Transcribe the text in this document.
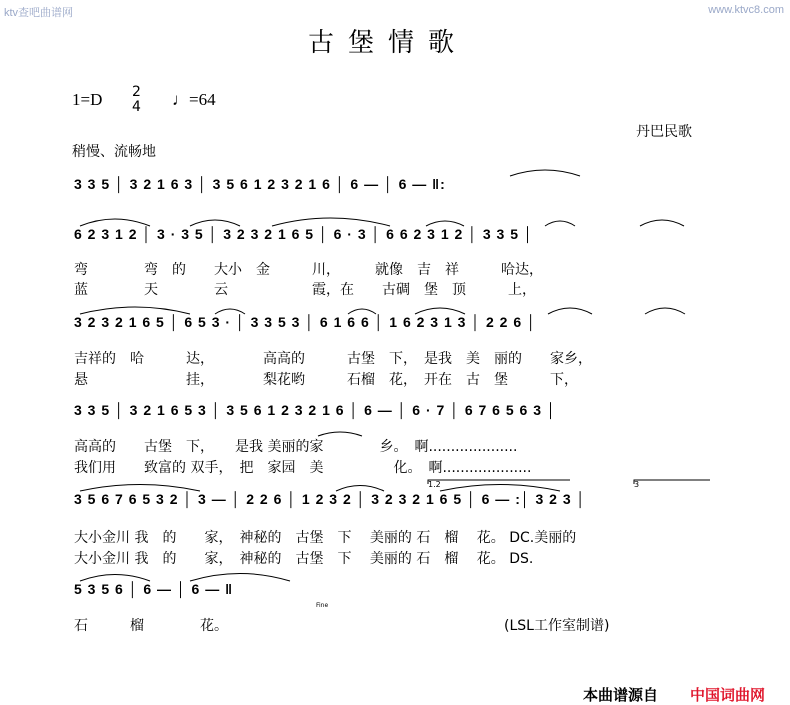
ktv查吧曲谱网	www.ktvc8.com
古堡情歌
1=D 2
4 ♩=64
丹巴民歌
稍慢、流畅地
3 3 5 │ 3 2 1 6 3 │ 3 5 6 1 2 3 2 1 6 │ 6 — │ 6 — ‖:
6 2 3 1 2 │ 3 · 3 5 │ 3 2 3 2 1 6 5 │ 6 · 3 │ 6 6 2 3 1 2 │ 3 3 5 │
弯　　　　弯　的　　大小　金　　　川，　　　就像　吉　祥　　　哈达，
蓝　　　　天　　　　云　　　　　　霞，在　　古碉　堡　顶　　　上，
3 2 3 2 1 6 5 │ 6 5 3 · │ 3 3 5 3 │ 6 1 6 6 │ 1 6 2 3 1 3 │ 2 2 6 │
吉祥的　哈　　　达，　　　　高高的　　　古堡　下，　是我　美　丽的　　家乡，
悬　　　　　　　挂，　　　　梨花哟　　　石榴　花，　开在　古　堡　　　下，
3 3 5 │ 3 2 1 6 5 3 │ 3 5 6 1 2 3 2 1 6 │ 6 — │ 6 · 7 │ 6 7 6 5 6 3 │
高高的　　古堡　下，　　是我 美丽的家　　　　乡。　啊....................
我们用　　致富的 双手，　把　家园　美　　　　　化。　啊....................
3 5 6 7 6 5 3 2 │ 3 — │ 2 2 6 │ 1 2 3 2 │ 3 2 3 2 1 6 5 │ 6 — :│ 3 2 3 │
1.2	3
大小金川 我　的　　家，　神秘的　古堡　下　 美丽的 石　榴　 花。 DC.美丽的
大小金川 我　的　　家，　神秘的　古堡　下　 美丽的 石　榴　 花。 DS.
5 3 5 6 │ 6 — │ 6 — ‖
Fine
石　　　榴　　　　花。	(LSL工作室制谱)
本曲谱源自 中国词曲网
